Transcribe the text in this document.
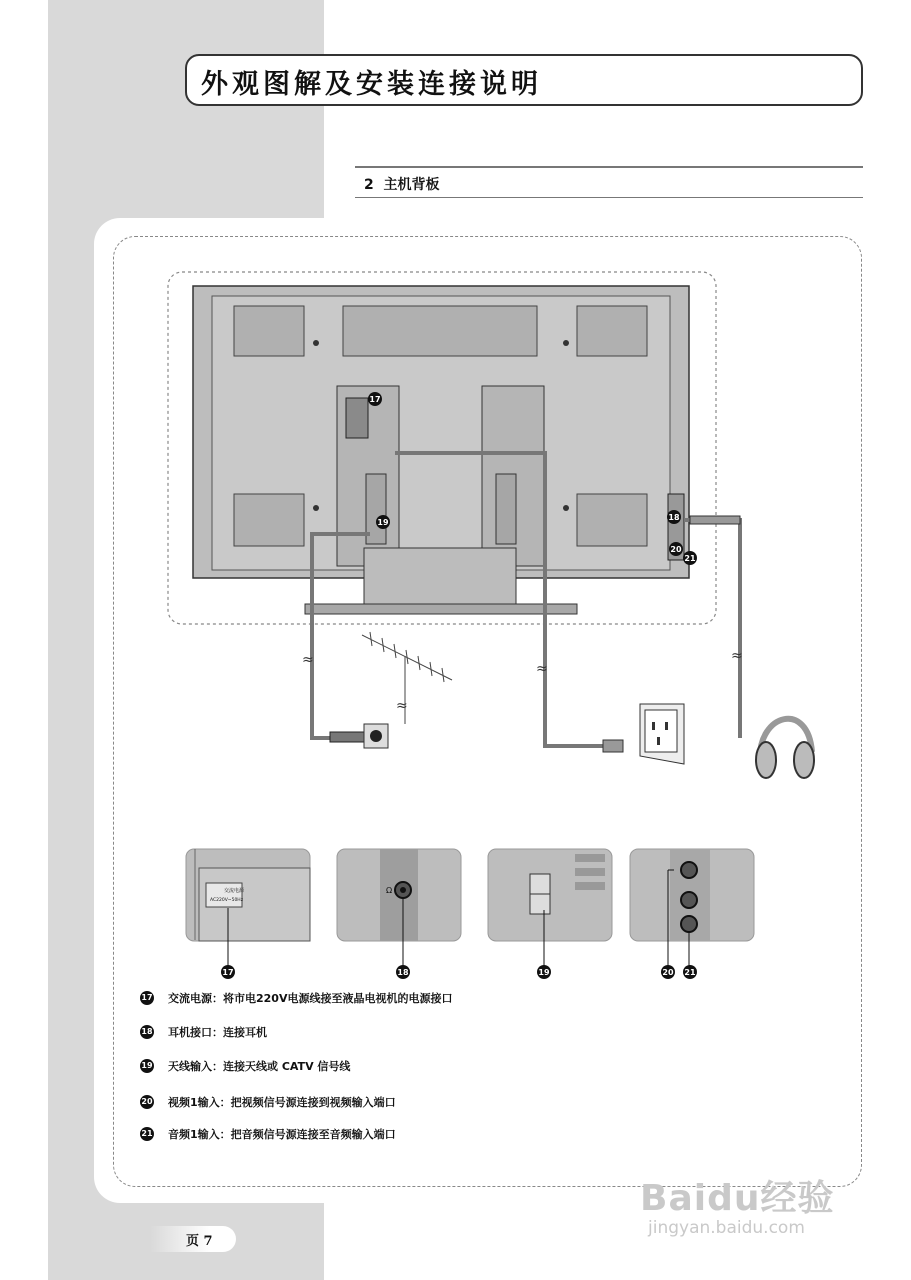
外观图解及安装连接说明
2 主机背板
17
19
18
20
21
≈
≈
≈
≈
交流电源
AC220V~50Hz
17
Ω
18	19	20 21
17 交流电源：将市电220V电源线接至液晶电视机的电源接口
18 耳机接口：连接耳机
19 天线输入：连接天线或 CATV 信号线
20 视频1输入：把视频信号源连接到视频输入端口
21 音频1输入：把音频信号源连接至音频输入端口
页 7
Baidu经验
jingyan.baidu.com
